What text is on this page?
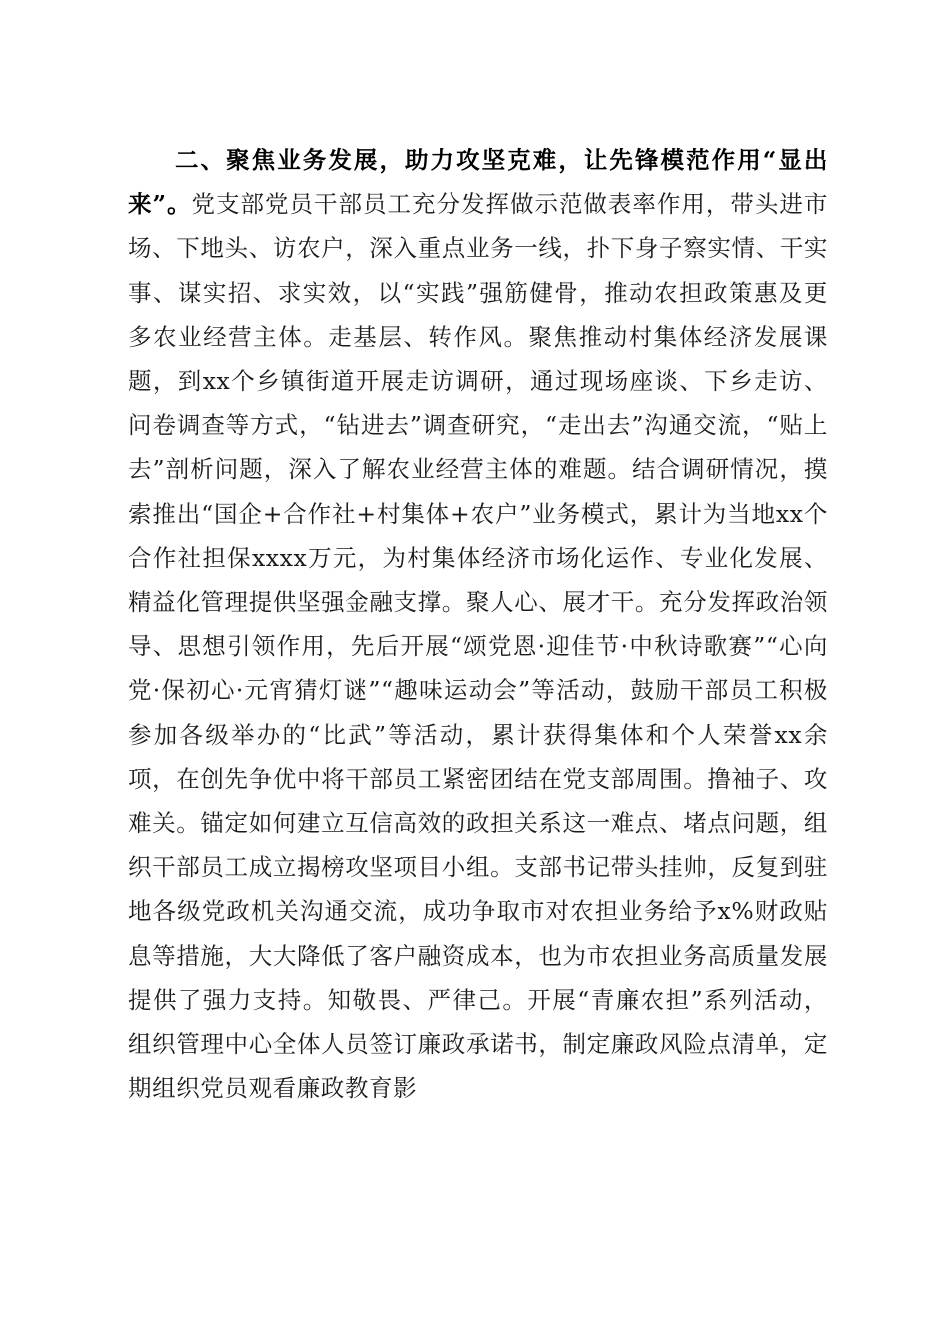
二、聚焦业务发展，助力攻坚克难，让先锋模范作用“显出来”。党支部党员干部员工充分发挥做示范做表率作用，带头进市场、下地头、访农户，深入重点业务一线，扑下身子察实情、干实事、谋实招、求实效，以“实践”强筋健骨，推动农担政策惠及更多农业经营主体。走基层、转作风。聚焦推动村集体经济发展课题，到xx个乡镇街道开展走访调研，通过现场座谈、下乡走访、问卷调查等方式，“钻进去”调查研究，“走出去”沟通交流，“贴上去”剖析问题，深入了解农业经营主体的难题。结合调研情况，摸索推出“国企+合作社+村集体+农户”业务模式，累计为当地xx个合作社担保xxxx万元，为村集体经济市场化运作、专业化发展、精益化管理提供坚强金融支撑。聚人心、展才干。充分发挥政治领导、思想引领作用，先后开展“颂党恩·迎佳节·中秋诗歌赛”“心向党·保初心·元宵猜灯谜”“趣味运动会”等活动，鼓励干部员工积极参加各级举办的“比武”等活动，累计获得集体和个人荣誉xx余项，在创先争优中将干部员工紧密团结在党支部周围。撸袖子、攻难关。锚定如何建立互信高效的政担关系这一难点、堵点问题，组织干部员工成立揭榜攻坚项目小组。支部书记带头挂帅，反复到驻地各级党政机关沟通交流，成功争取市对农担业务给予x%财政贴息等措施，大大降低了客户融资成本，也为市农担业务高质量发展提供了强力支持。知敬畏、严律己。开展“青廉农担”系列活动，组织管理中心全体人员签订廉政承诺书，制定廉政风险点清单，定期组织党员观看廉政教育影
